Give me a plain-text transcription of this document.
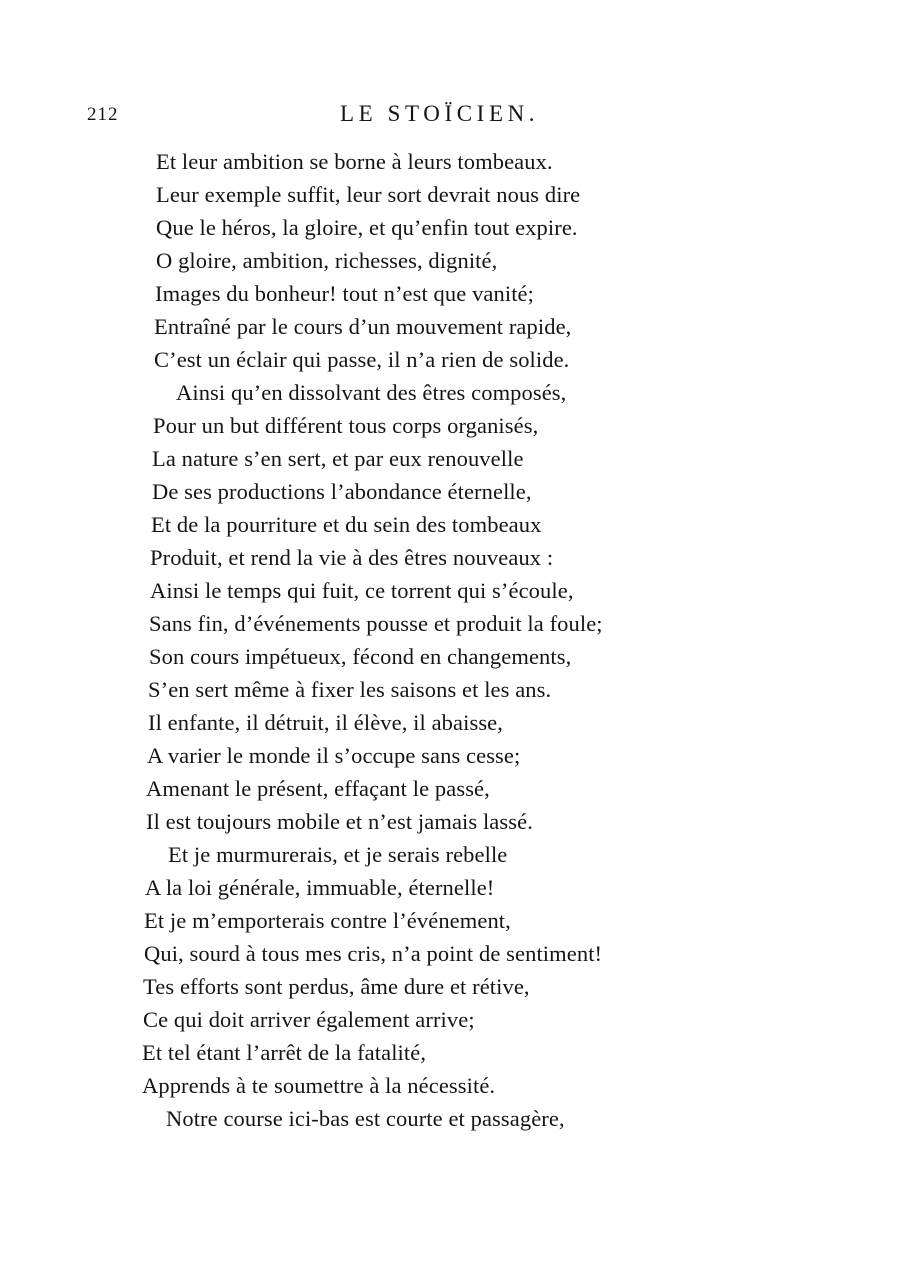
212	LE STOÏCIEN.
Et leur ambition se borne à leurs tombeaux.
Leur exemple suffit, leur sort devrait nous dire
Que le héros, la gloire, et qu’enfin tout expire.
O gloire, ambition, richesses, dignité,
Images du bonheur! tout n’est que vanité;
Entraîné par le cours d’un mouvement rapide,
C’est un éclair qui passe, il n’a rien de solide.
Ainsi qu’en dissolvant des êtres composés,
Pour un but différent tous corps organisés,
La nature s’en sert, et par eux renouvelle
De ses productions l’abondance éternelle,
Et de la pourriture et du sein des tombeaux
Produit, et rend la vie à des êtres nouveaux :
Ainsi le temps qui fuit, ce torrent qui s’écoule,
Sans fin, d’événements pousse et produit la foule;
Son cours impétueux, fécond en changements,
S’en sert même à fixer les saisons et les ans.
Il enfante, il détruit, il élève, il abaisse,
A varier le monde il s’occupe sans cesse;
Amenant le présent, effaçant le passé,
Il est toujours mobile et n’est jamais lassé.
Et je murmurerais, et je serais rebelle
A la loi générale, immuable, éternelle!
Et je m’emporterais contre l’événement,
Qui, sourd à tous mes cris, n’a point de sentiment!
Tes efforts sont perdus, âme dure et rétive,
Ce qui doit arriver également arrive;
Et tel étant l’arrêt de la fatalité,
Apprends à te soumettre à la nécessité.
Notre course ici-bas est courte et passagère,
